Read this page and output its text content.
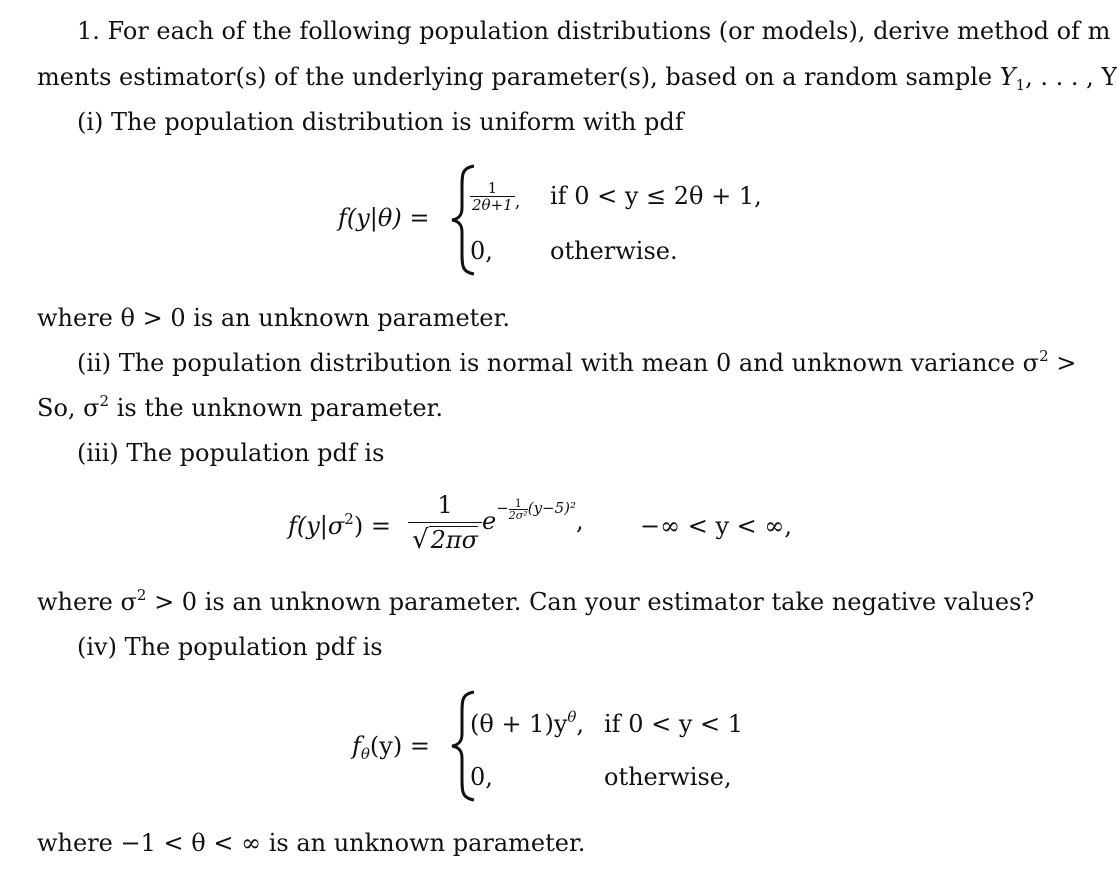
1. For each of the following population distributions (or models), derive method of m
ments estimator(s) of the underlying parameter(s), based on a random sample $Y_1$, . . . , Y
(i) The population distribution is uniform with pdf
f(y|θ) =
$\frac{1}{2\theta+1}$ , if 0 < y ≤ 2θ + 1,
0, otherwise.
where θ > 0 is an unknown parameter.
(ii) The population distribution is normal with mean 0 and unknown variance $\sigma^2$ >
So, $\sigma^2$ is the unknown parameter.
(iii) The population pdf is
$f(y|\sigma^2) = \frac{1}{√2\pi\sigma} e^{- \frac{1}{\text{2σ²}} (y-5)^2}$, −∞ < y < ∞,
where $\sigma^2 > 0$ is an unknown parameter. Can your estimator take negative values?
(iv) The population pdf is
$f_\theta(y)$ =
$(\theta + 1)y^\theta$, if 0 < y < 1
0,	otherwise,
where −1 < θ < ∞ is an unknown parameter.
